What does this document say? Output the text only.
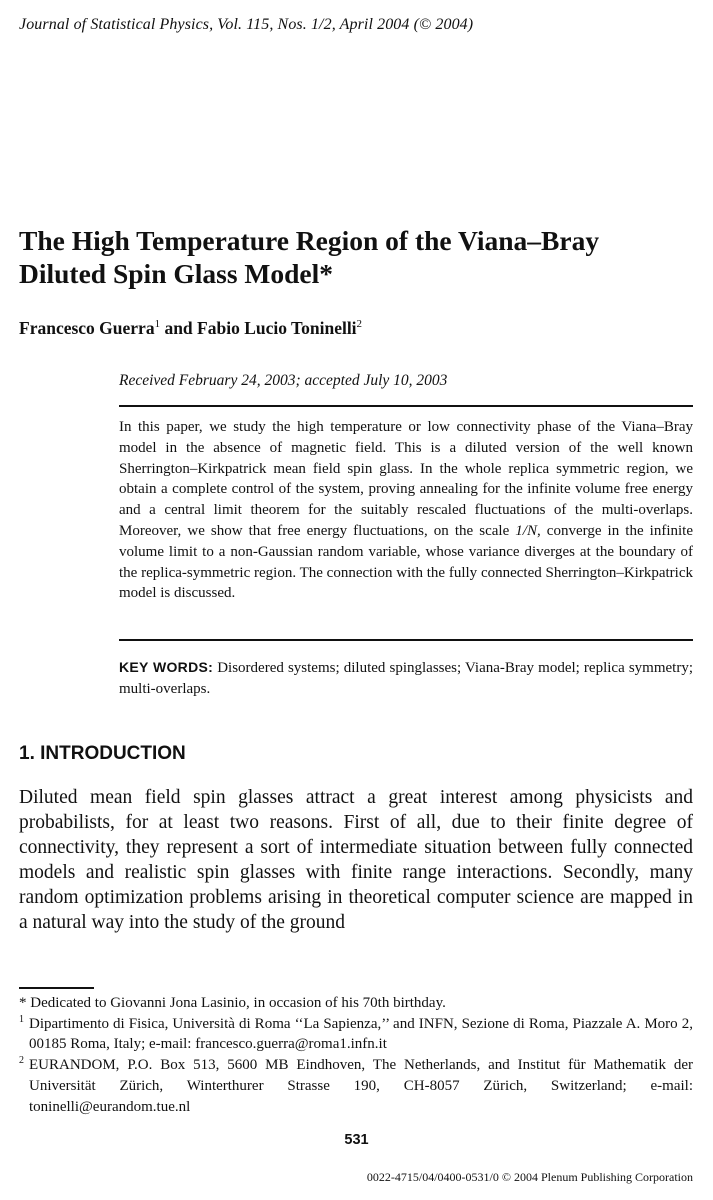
Journal of Statistical Physics, Vol. 115, Nos. 1/2, April 2004 (© 2004)
The High Temperature Region of the Viana–Bray
Diluted Spin Glass Model*
Francesco Guerra$^1$ and Fabio Lucio Toninelli$^2$
Received February 24, 2003; accepted July 10, 2003
In this paper, we study the high temperature or low connectivity phase of the Viana–Bray model in the absence of magnetic field. This is a diluted version of the well known Sherrington–Kirkpatrick mean field spin glass. In the whole replica symmetric region, we obtain a complete control of the system, proving annealing for the infinite volume free energy and a central limit theorem for the suitably rescaled fluctuations of the multi-overlaps. Moreover, we show that free energy fluctuations, on the scale 1/N, converge in the infinite volume limit to a non-Gaussian random variable, whose variance diverges at the boundary of the replica-symmetric region. The connection with the fully connected Sherrington–Kirkpatrick model is discussed.
KEY WORDS: Disordered systems; diluted spinglasses; Viana-Bray model; replica symmetry; multi-overlaps.
1. INTRODUCTION
Diluted mean field spin glasses attract a great interest among physicists and probabilists, for at least two reasons. First of all, due to their finite degree of connectivity, they represent a sort of intermediate situation between fully connected models and realistic spin glasses with finite range interactions. Secondly, many random optimization problems arising in theoretical computer science are mapped in a natural way into the study of the ground
* Dedicated to Giovanni Jona Lasinio, in occasion of his 70th birthday.
1 Dipartimento di Fisica, Università di Roma ‘‘La Sapienza,’’ and INFN, Sezione di Roma, Piazzale A. Moro 2, 00185 Roma, Italy; e-mail: francesco.guerra@roma1.infn.it
2 EURANDOM, P.O. Box 513, 5600 MB Eindhoven, The Netherlands, and Institut für Mathematik der Universität Zürich, Winterthurer Strasse 190, CH-8057 Zürich, Switzerland; e-mail: toninelli@eurandom.tue.nl
531
0022-4715/04/0400-0531/0 © 2004 Plenum Publishing Corporation
